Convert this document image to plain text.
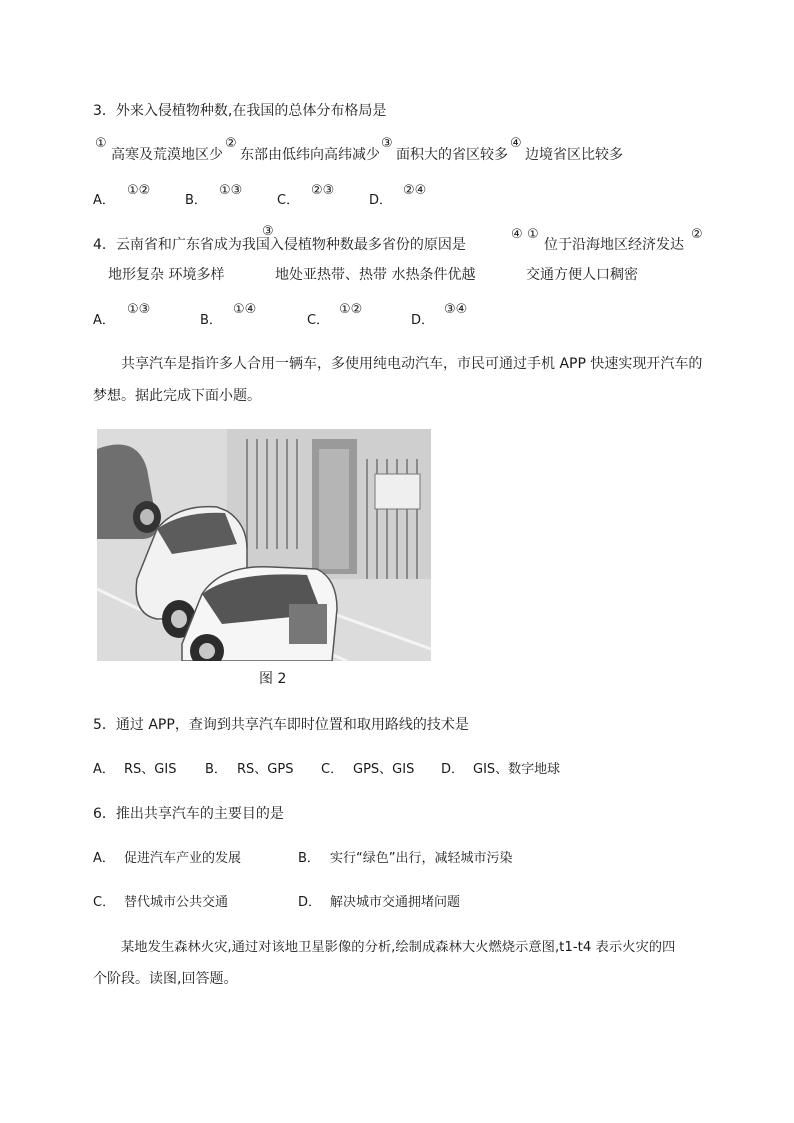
3．外来入侵植物种数,在我国的总体分布格局是
①
高寒及荒漠地区少
②
东部由低纬向高纬减少
③
面积大的省区较多
④
边境省区比较多
A．
①②
B．
①③
C．
②③
D．
②④
4．云南省和广东省成为我国入侵植物种数最多省份的原因是
③	④ ①
位于沿海地区经济发达
②
地形复杂 环境多样	地处亚热带、热带 水热条件优越	交通方便人口稠密
A．
①③
B．
①④
C．
①②
D．
③④
共享汽车是指许多人合用一辆车，多使用纯电动汽车，市民可通过手机 APP 快速实现开汽车的
梦想。据此完成下面小题。
图 2
5．通过 APP，查询到共享汽车即时位置和取用路线的技术是
A． RS、GIS B． RS、GPS C． GPS、GIS D． GIS、数字地球
6．推出共享汽车的主要目的是
A． 促进汽车产业的发展	B． 实行“绿色”出行，减轻城市污染
C． 替代城市公共交通	D． 解决城市交通拥堵问题
某地发生森林火灾,通过对该地卫星影像的分析,绘制成森林大火燃烧示意图,t1-t4 表示火灾的四
个阶段。读图,回答题。
